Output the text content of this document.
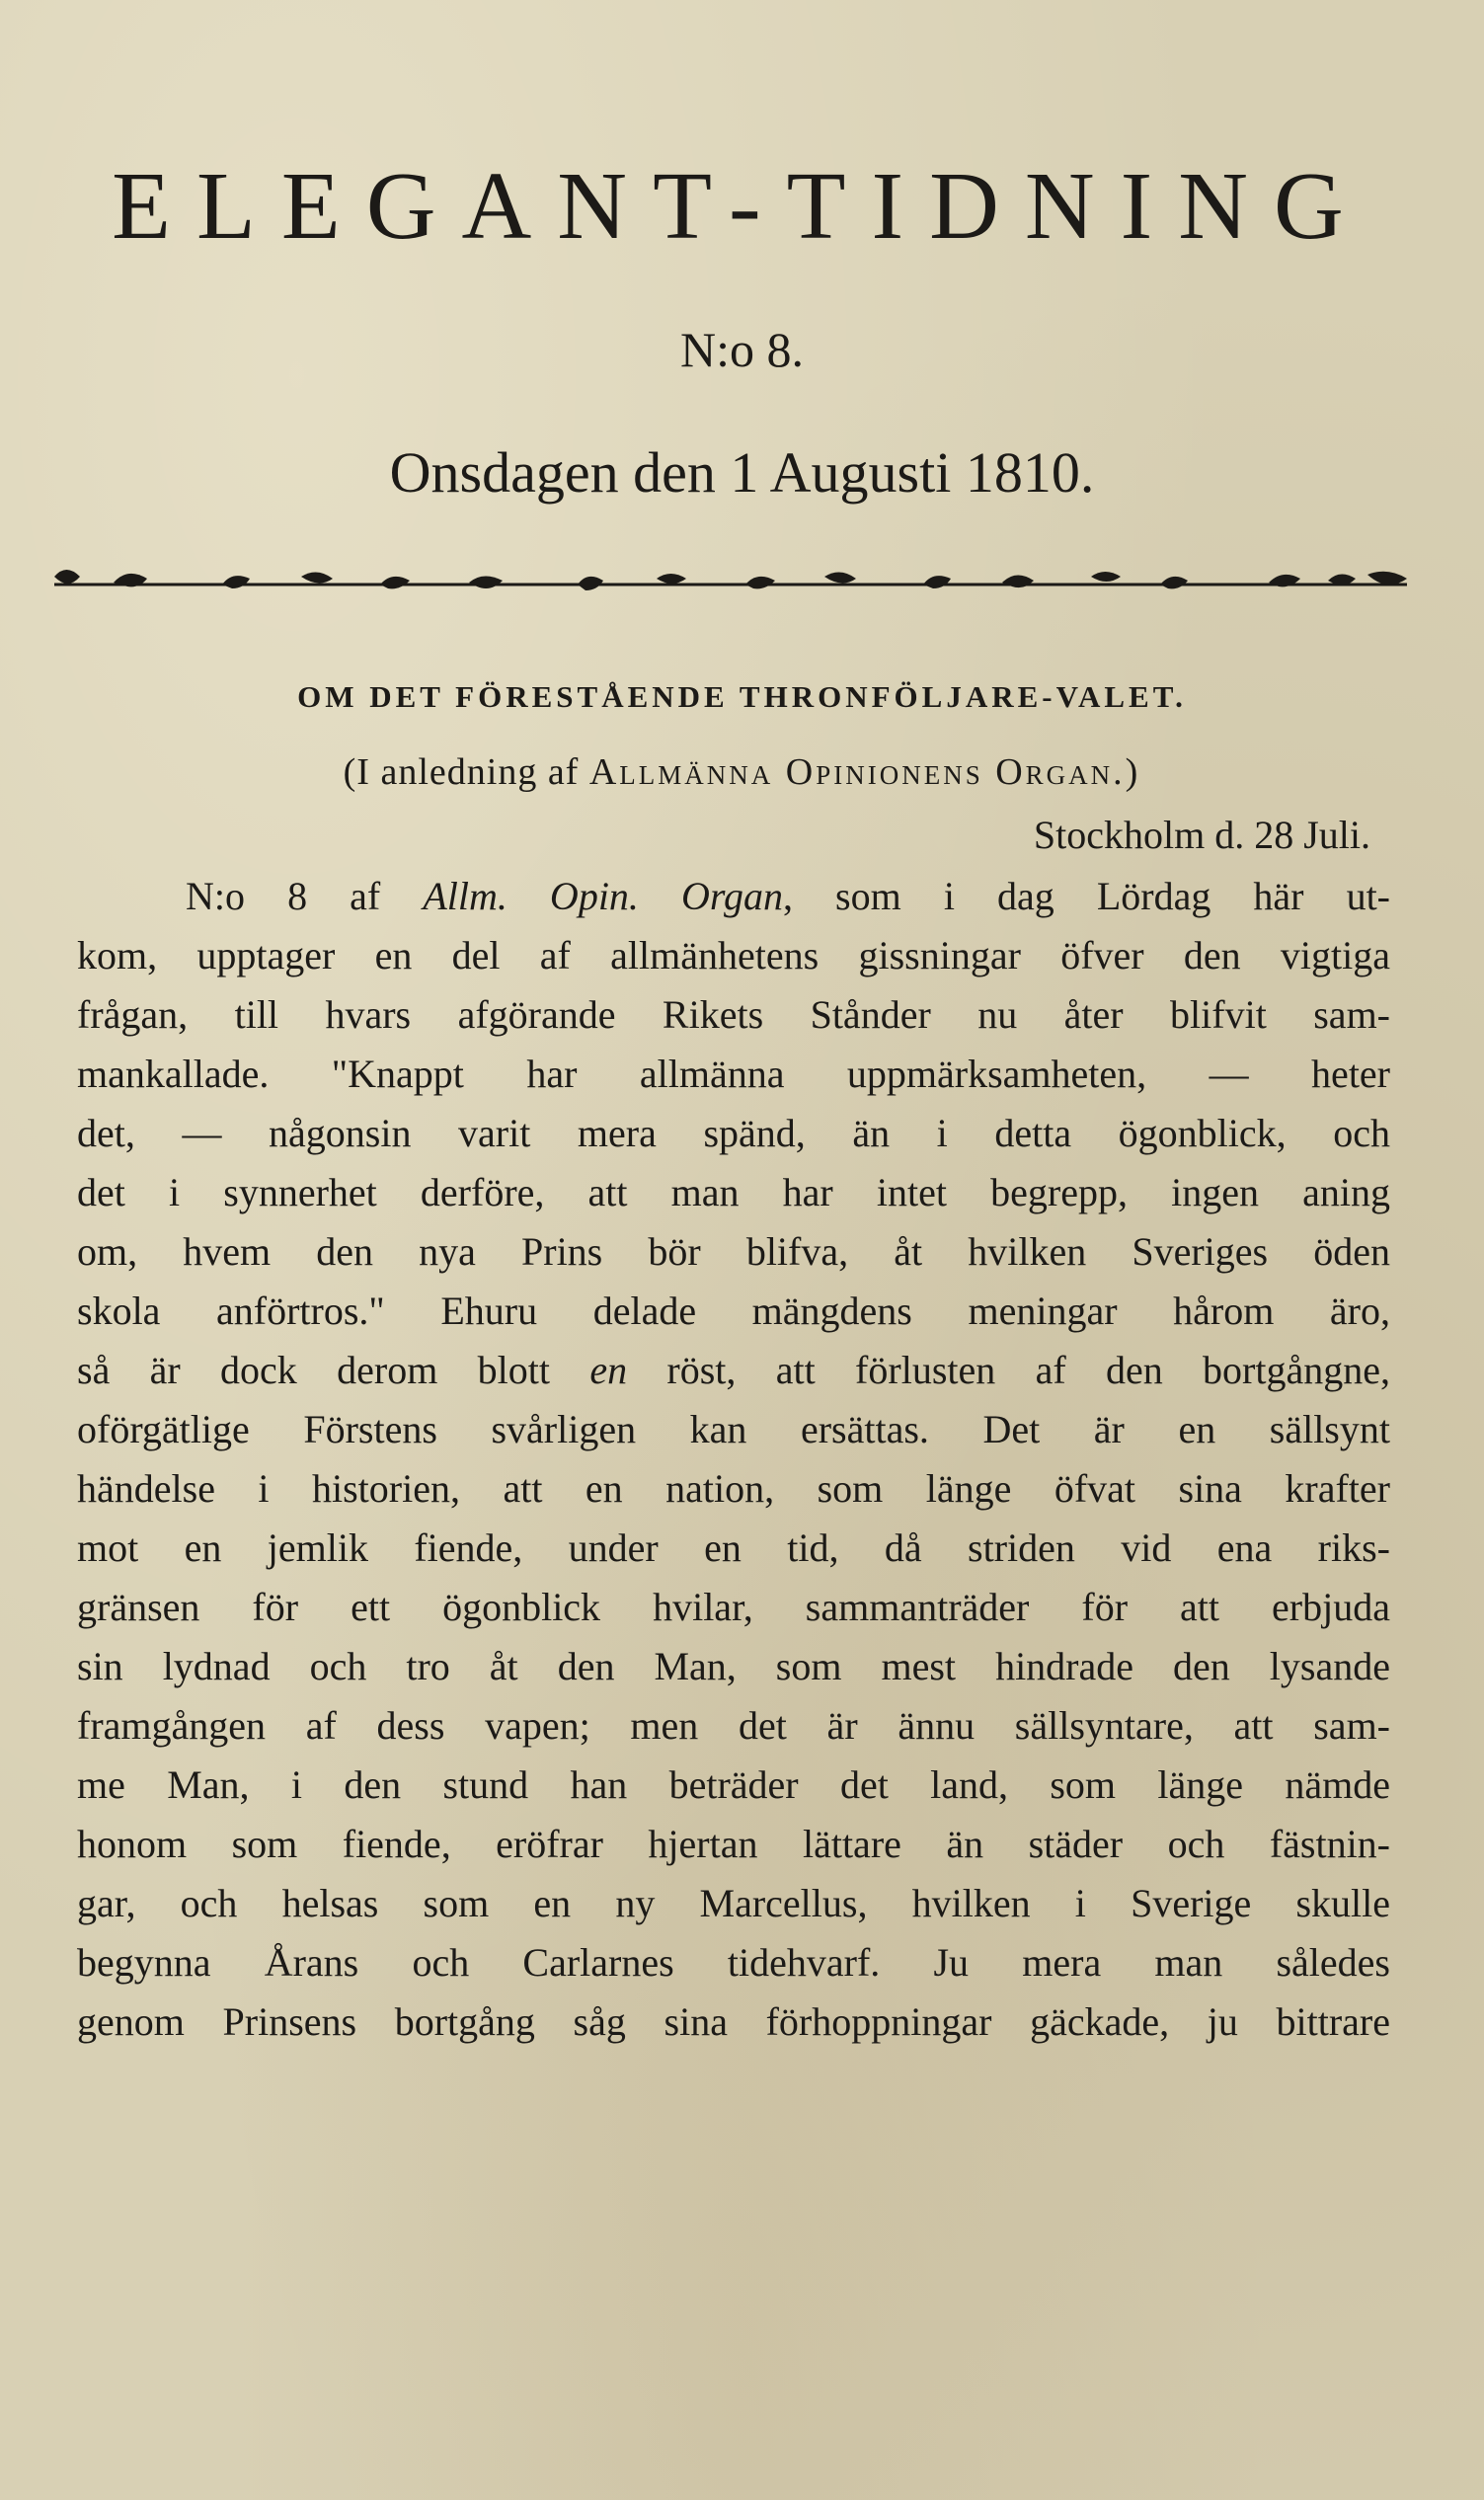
ELEGANT-TIDNING
N:o 8.
Onsdagen den 1 Augusti 1810.
OM DET FÖRESTÅENDE THRONFÖLJARE-VALET.
(I anledning af Allmänna Opinionens Organ.)
Stockholm d. 28 Juli.
N:o 8 af Allm. Opin. Organ, som i dag Lördag här ut-
kom, upptager en del af allmänhetens gissningar öfver den vigtiga
frågan, till hvars afgörande Rikets Stånder nu åter blifvit sam-
mankallade. "Knappt har allmänna uppmärksamheten, — heter
det, — någonsin varit mera spänd, än i detta ögonblick, och
det i synnerhet derföre, att man har intet begrepp, ingen aning
om, hvem den nya Prins bör blifva, åt hvilken Sveriges öden
skola anförtros." Ehuru delade mängdens meningar hårom äro,
så är dock derom blott en röst, att förlusten af den bortgångne,
oförgätlige Förstens svårligen kan ersättas. Det är en sällsynt
händelse i historien, att en nation, som länge öfvat sina krafter
mot en jemlik fiende, under en tid, då striden vid ena riks-
gränsen för ett ögonblick hvilar, sammanträder för att erbjuda
sin lydnad och tro åt den Man, som mest hindrade den lysande
framgången af dess vapen; men det är ännu sällsyntare, att sam-
me Man, i den stund han beträder det land, som länge nämde
honom som fiende, eröfrar hjertan lättare än städer och fästnin-
gar, och helsas som en ny Marcellus, hvilken i Sverige skulle
begynna Årans och Carlarnes tidehvarf. Ju mera man således
genom Prinsens bortgång såg sina förhoppningar gäckade, ju bittrare
